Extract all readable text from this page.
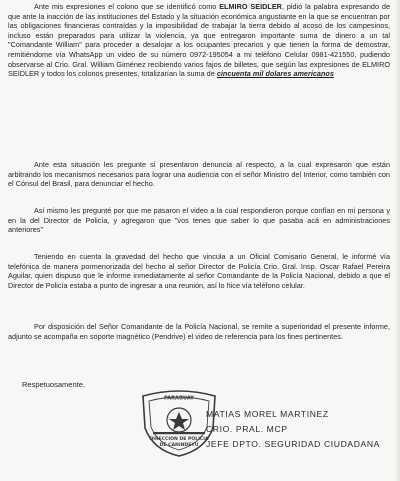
Ante mis expresiones el colono que se identificó como ELMIRO SEIDLER, pidió la palabra expresando de que ante la inacción de las instituciones del Estado y la situación económica angustiante en la que se encuentran por las obligaciones financieras contraídas y la imposibilidad de trabajar la tierra debido al acoso de los campesinos, incluso están preparados para utilizar la violencia, ya que entregaron importante suma de dinero a un tal "Comandante William" para proceder a desalojar a los ocupantes precarios y que tienen la forma de demostrar, remitiéndome vía WhatsApp un video de su número 0972-195054 a mi teléfono Celular 0981-421550, pudiendo observarse al Crio. Gral. William Giménez recibiendo varios fajos de billetes, que según las expresiones de ELMIRO SEIDLER y todos los colonos presentes, totalizarían la suma de cincuenta mil dolares americanos

Ante esta situación les pregunte si presentaron denuncia al respecto, a la cual expresaron que están arbitrando los mecanismos necesarios para lograr una audiencia con el señor Ministro del Interior, como también con el Cónsul del Brasil, para denunciar el hecho.

Así mismo les pregunté por que me pasaron el video a la cual respondieron porque confían en mi persona y en la del Director de Policía, y agregaron que "vos tenes que saber lo que pasaba acá en administraciones anteriores"

Teniendo en cuenta la gravedad del hecho que vincula a un Oficial Comisario General, le informé vía telefónica de manera pormenorizada del hecho al señor Director de Policía Crio. Gral. Insp. Oscar Rafael Pereira Aguilar, quien dispuso que le informe inmediatamente al señor Comandante de la Policía Nacional, debido a que el Director de Policía estaba a punto de ingresar a una reunión, así lo hice vía teléfono celular.

Por disposición del Señor Comandante de la Policía Nacional, se remite a superioridad el presente informe, adjunto se acompaña en soporte magnético (Pendrive) el video de referencia para los fines pertinentes.

Respetuosamente.
PARAGUAY
DIRECCION DE POLICIA
DE CANINDEYU
MATIAS MOREL MARTINEZ
CRIO. PRAL. MCP
JEFE DPTO. SEGURIDAD CIUDADANA
